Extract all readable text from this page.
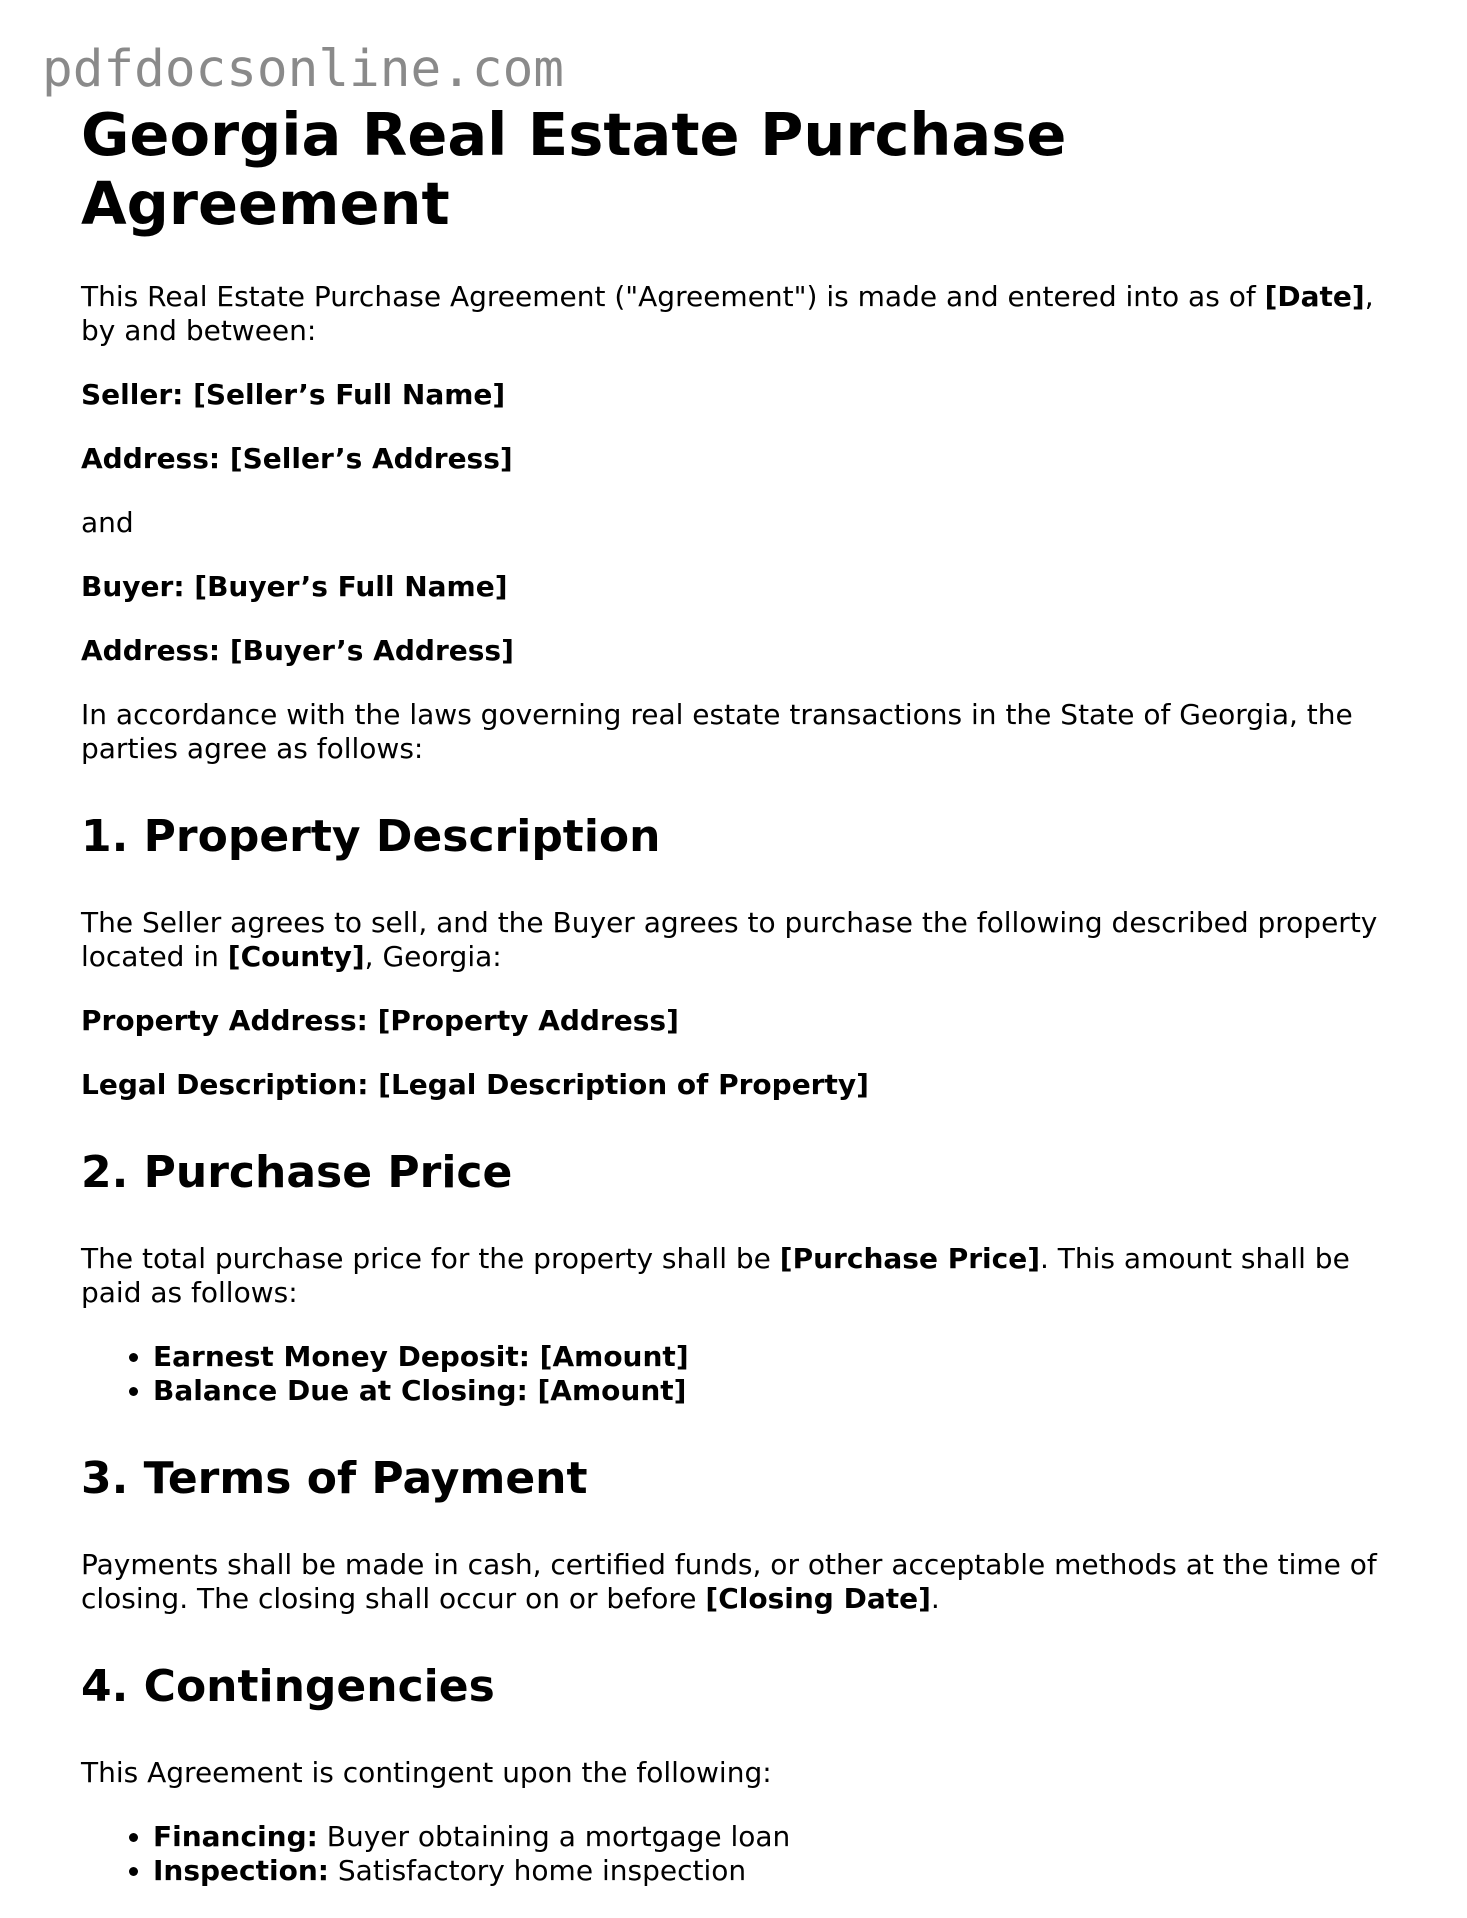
pdfdocsonline.com
Georgia Real Estate Purchase Agreement

This Real Estate Purchase Agreement ("Agreement") is made and entered into as of [Date], by and between:

Seller: [Seller’s Full Name]

Address: [Seller’s Address]

and

Buyer: [Buyer’s Full Name]

Address: [Buyer’s Address]

In accordance with the laws governing real estate transactions in the State of Georgia, the parties agree as follows:

1. Property Description

The Seller agrees to sell, and the Buyer agrees to purchase the following described property located in [County], Georgia:

Property Address: [Property Address]

Legal Description: [Legal Description of Property]

2. Purchase Price

The total purchase price for the property shall be [Purchase Price]. This amount shall be paid as follows:

• Earnest Money Deposit: [Amount]
• Balance Due at Closing: [Amount]
3. Terms of Payment

Payments shall be made in cash, certified funds, or other acceptable methods at the time of closing. The closing shall occur on or before [Closing Date].

4. Contingencies

This Agreement is contingent upon the following:

• Financing: Buyer obtaining a mortgage loan
• Inspection: Satisfactory home inspection
